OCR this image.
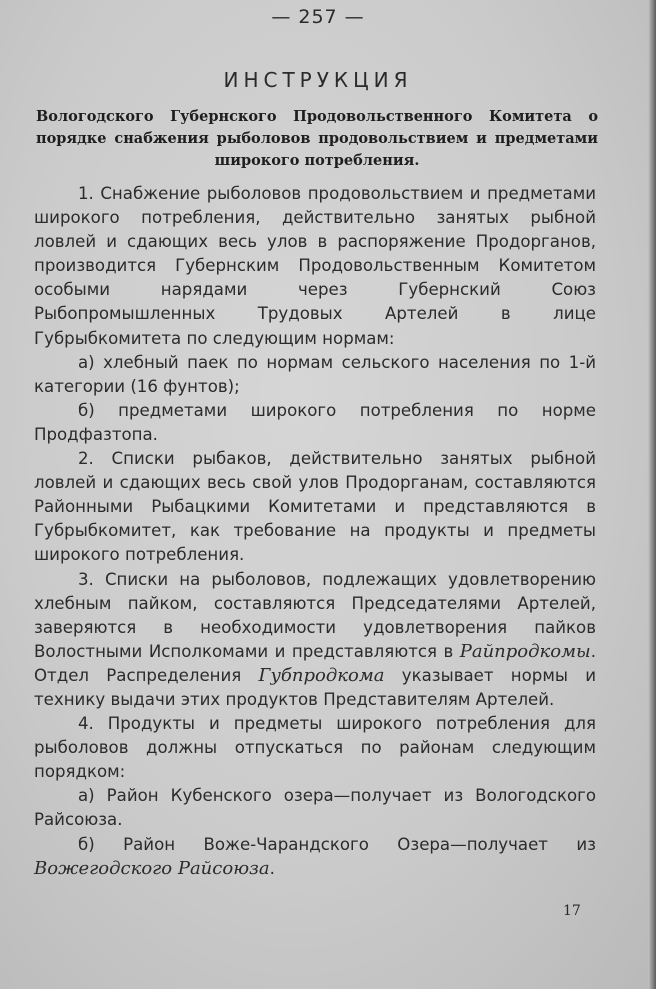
— 257 —
ИНСТРУКЦИЯ
Вологодского Губернского Продовольственного Комитета о порядке снабжения рыболовов продовольствием и предметами широкого потребления.

1. Снабжение рыболовов продовольствием и предметами широкого потребления, действительно занятых рыбной ловлей и сдающих весь улов в распоряжение Продорганов, производится Губернским Продовольственным Комитетом особыми нарядами через Губернский Союз Рыбопромышленных Трудовых Артелей в лице Губрыбкомитета по следующим нормам:

а) хлебный паек по нормам сельского населения по 1-й категории (16 фунтов);

б) предметами широкого потребления по норме Продфазтопа.

2. Списки рыбаков, действительно занятых рыбной ловлей и сдающих весь свой улов Продорганам, составляются Районными Рыбацкими Комитетами и представляются в Губрыбкомитет, как требование на продукты и предметы широкого потребления.

3. Списки на рыболовов, подлежащих удовлетворению хлебным пайком, составляются Председателями Артелей, заверяются в необходимости удовлетворения пайков Волостными Исполкомами и представляются в Райпродкомы. Отдел Распределения Губпродкома указывает нормы и технику выдачи этих продуктов Представителям Артелей.

4. Продукты и предметы широкого потребления для рыболовов должны отпускаться по районам следующим порядком:

а) Район Кубенского озера—получает из Вологодского Райсоюза.

б) Район Воже-Чарандского Озера—получает из Вожегодского Райсоюза.

17
